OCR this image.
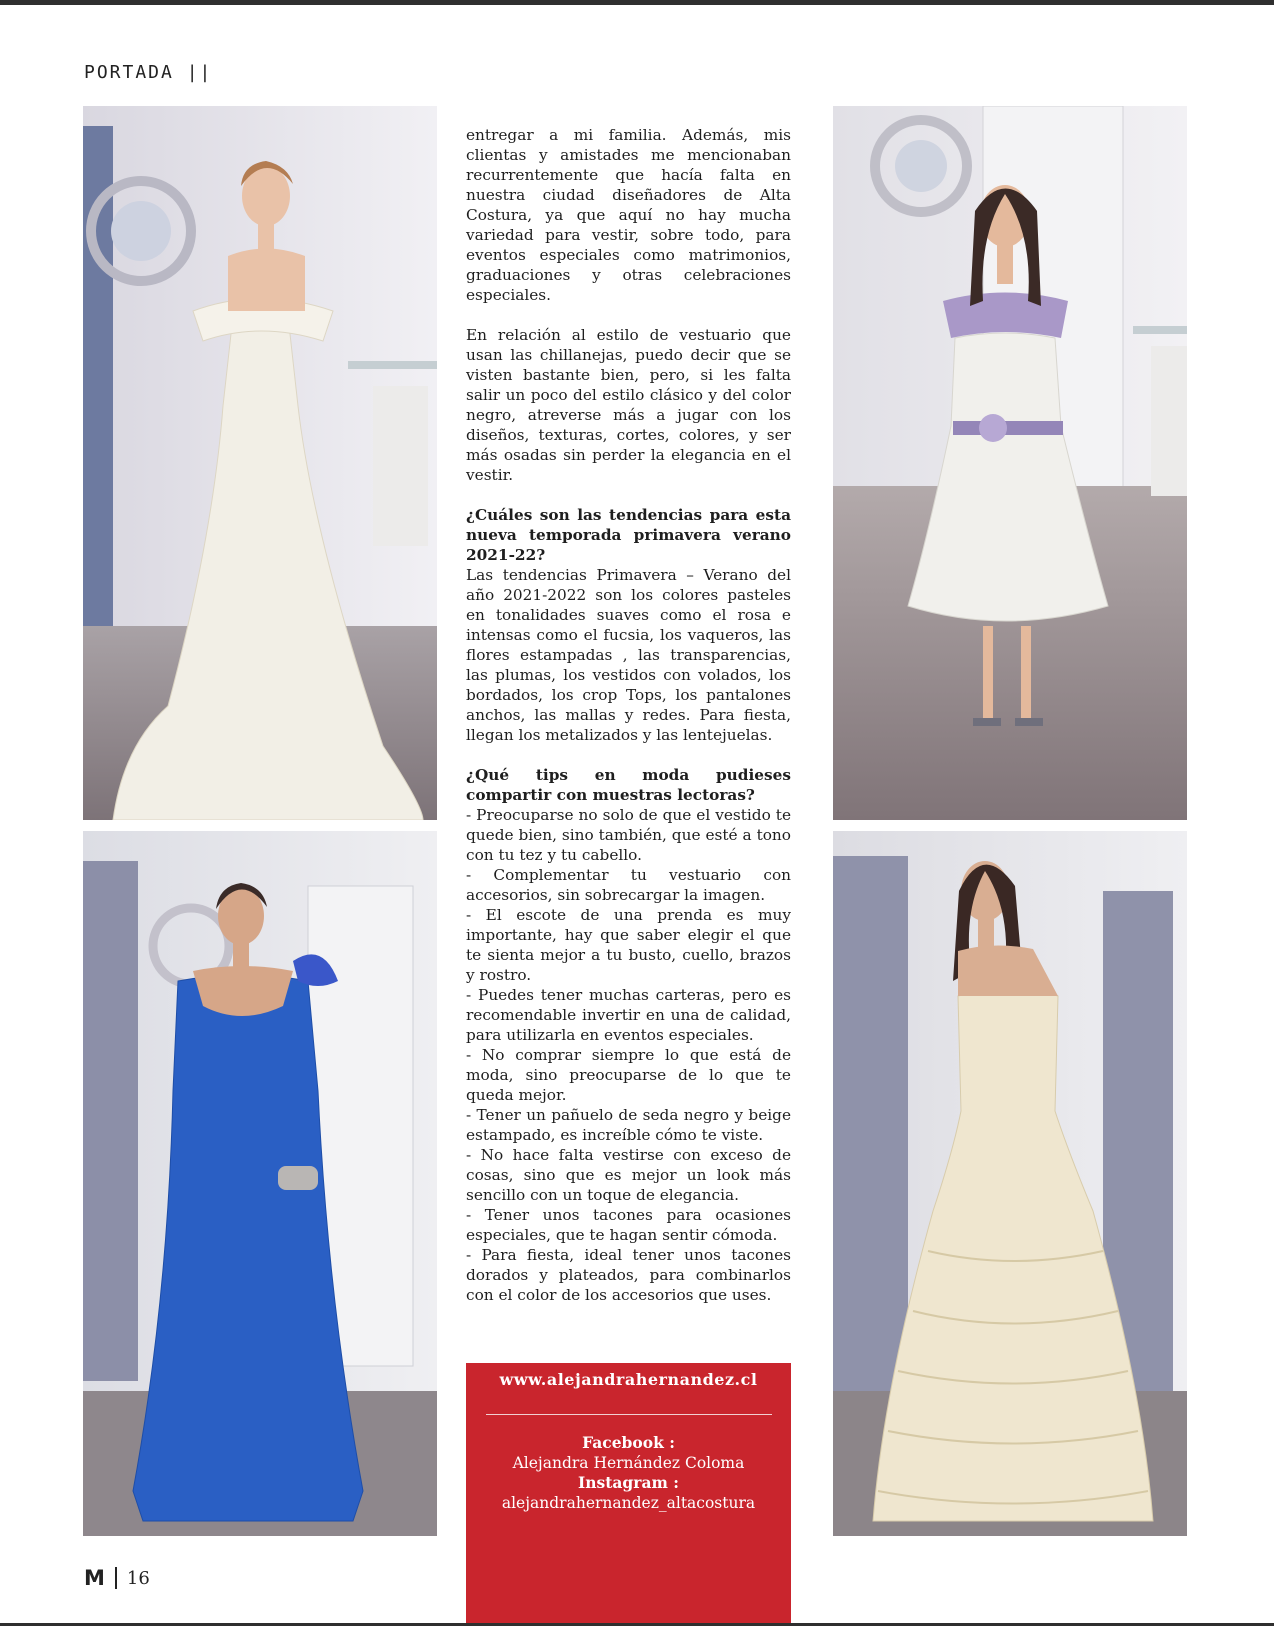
PORTADA ||

entregar a mi familia. Además, mis clientas y amistades me mencionaban recurrentemente que hacía falta en nuestra ciudad diseñadores de Alta Costura, ya que aquí no hay mucha variedad para vestir, sobre todo, para eventos especiales como matrimonios, graduaciones y otras celebraciones especiales.

En relación al estilo de vestuario que usan las chillanejas, puedo decir que se visten bastante bien, pero, si les falta salir un poco del estilo clásico y del color negro, atreverse más a jugar con los diseños, texturas, cortes, colores, y ser más osadas sin perder la elegancia en el vestir.

¿Cuáles son las tendencias para esta nueva temporada primavera verano 2021-22?

Las tendencias Primavera – Verano del año 2021-2022 son los colores pasteles en tonalidades suaves como el rosa e intensas como el fucsia, los vaqueros, las flores estampadas , las transparencias, las plumas, los vestidos con volados, los bordados, los crop Tops, los pantalones anchos, las mallas y redes. Para fiesta, llegan los metalizados y las lentejuelas.

¿Qué tips en moda pudieses compartir con muestras lectoras?
- Preocuparse no solo de que el vestido te quede bien, sino también, que esté a tono con tu tez y tu cabello.
- Complementar tu vestuario con accesorios, sin sobrecargar la imagen.
- El escote de una prenda es muy importante, hay que saber elegir el que te sienta mejor a tu busto, cuello, brazos y rostro.
- Puedes tener muchas carteras, pero es recomendable invertir en una de calidad, para utilizarla en eventos especiales.
- No comprar siempre lo que está de moda, sino preocuparse de lo que te queda mejor.
- Tener un pañuelo de seda negro y beige estampado, es increíble cómo te viste.
- No hace falta vestirse con exceso de cosas, sino que es mejor un look más sencillo con un toque de elegancia.
- Tener unos tacones para ocasiones especiales, que te hagan sentir cómoda.
- Para fiesta, ideal tener unos tacones dorados y plateados, para combinarlos con el color de los accesorios que uses.
www.alejandrahernandez.cl
Facebook :
Alejandra Hernández Coloma
Instagram :
alejandrahernandez_altacostura
M 16
